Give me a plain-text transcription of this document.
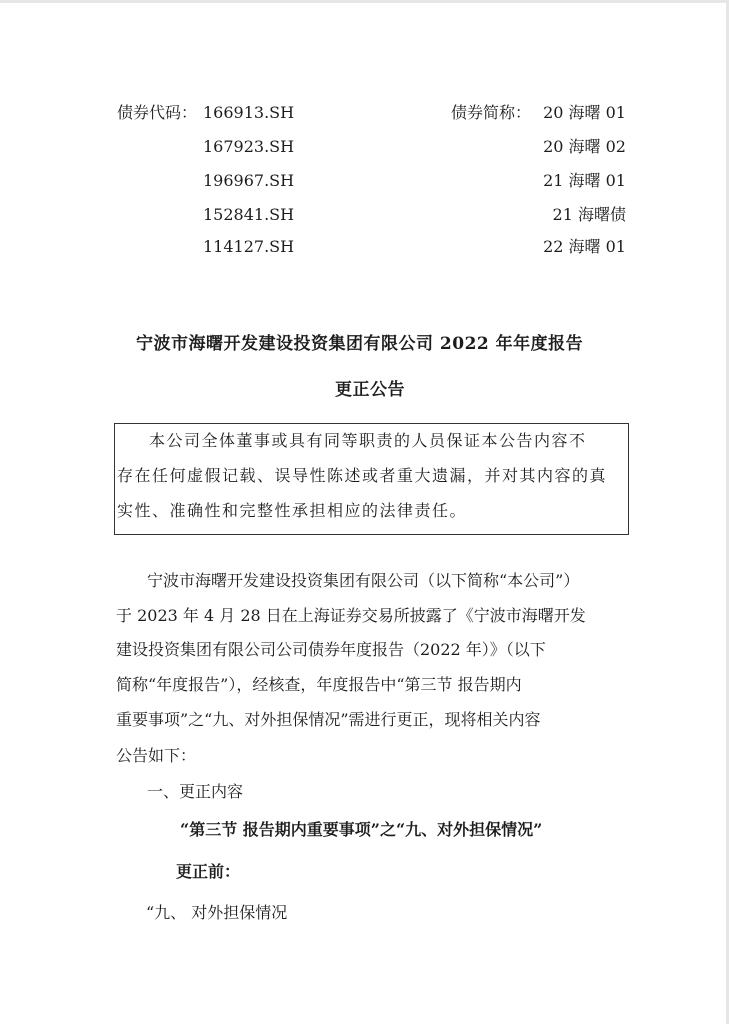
债券代码： 166913.SH
167923.SH
196967.SH
152841.SH
114127.SH
债券简称： 20 海曙 01
20 海曙 02
21 海曙 01
21 海曙债
22 海曙 01
宁波市海曙开发建设投资集团有限公司 2022 年年度报告
更正公告
本公司全体董事或具有同等职责的人员保证本公告内容不
存在任何虚假记载、误导性陈述或者重大遗漏，并对其内容的真
实性、准确性和完整性承担相应的法律责任。
宁波市海曙开发建设投资集团有限公司（以下简称“本公司”）
于 2023 年 4 月 28 日在上海证券交易所披露了《宁波市海曙开发
建设投资集团有限公司公司债券年度报告（2022 年）》（以下
简称“年度报告”），经核查，年度报告中“第三节 报告期内
重要事项”之“九、对外担保情况”需进行更正，现将相关内容
公告如下：
一、更正内容
“第三节 报告期内重要事项”之“九、对外担保情况”
更正前：
“九、 对外担保情况
